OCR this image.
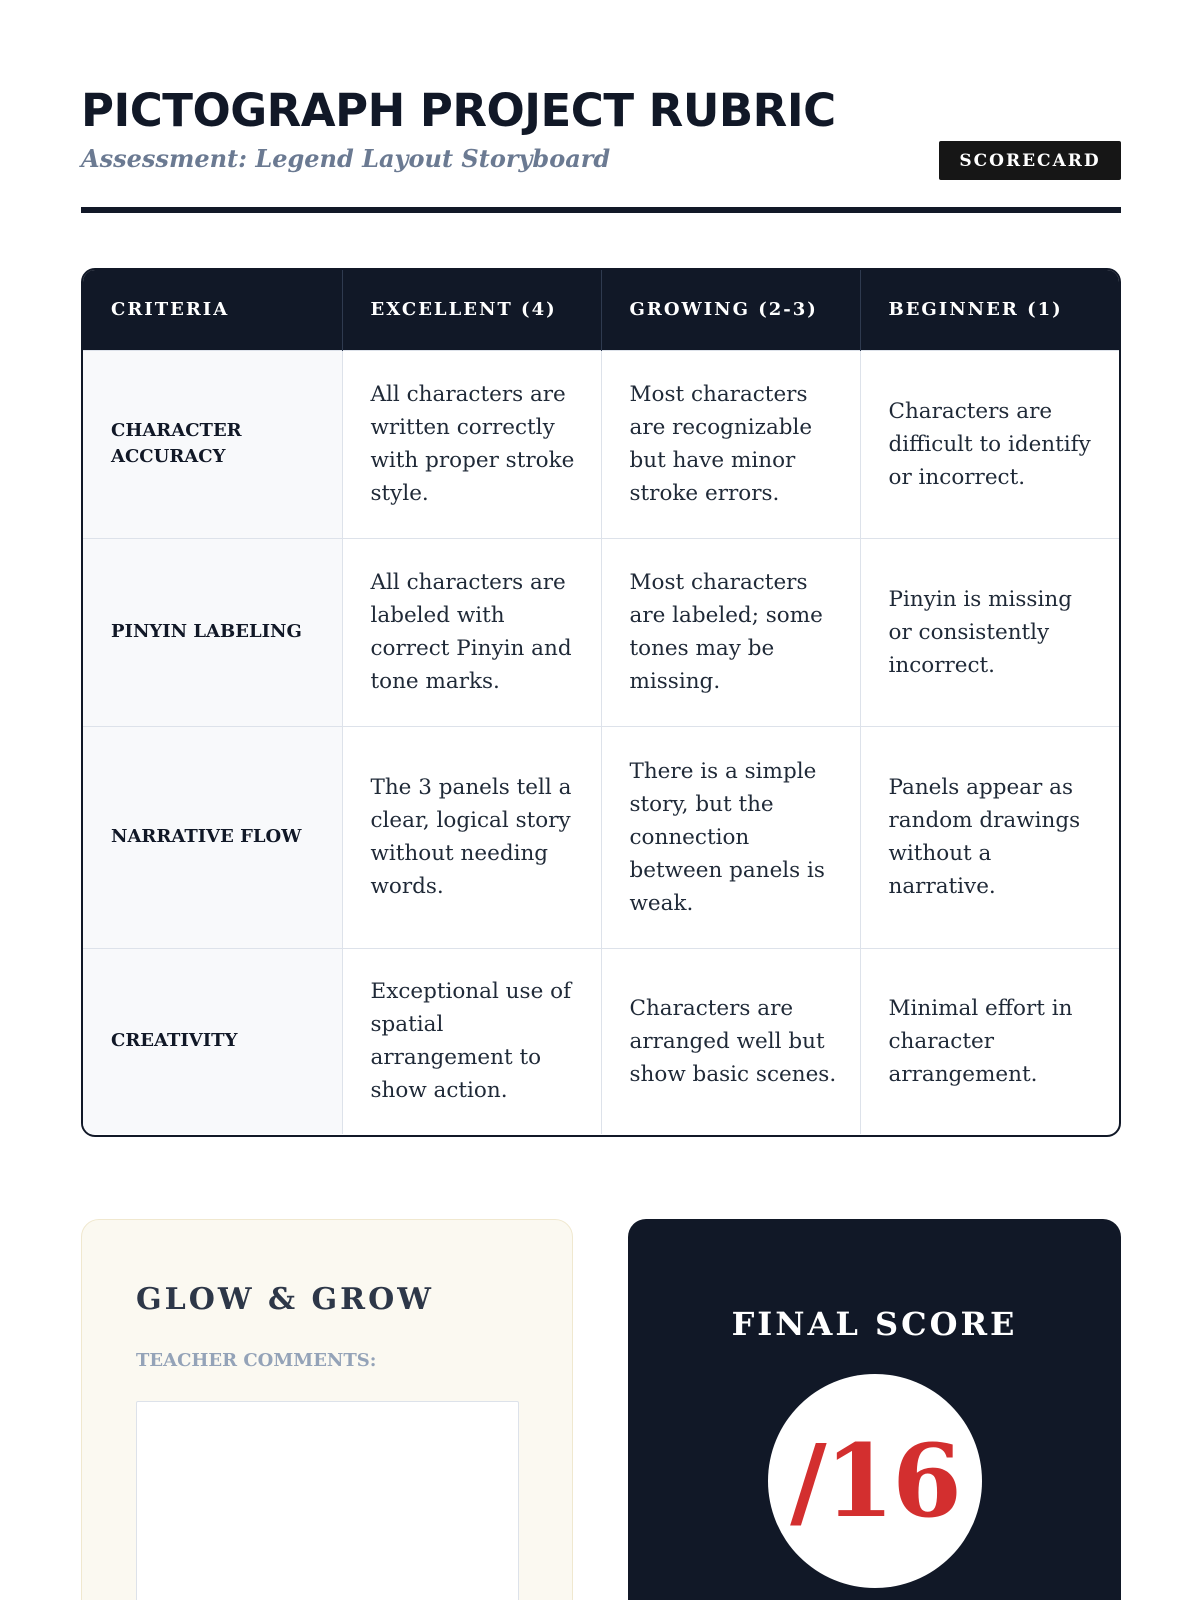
PICTOGRAPH PROJECT RUBRIC
Assessment: Legend Layout Storyboard	SCORECARD
CRITERIA	EXCELLENT (4)	GROWING (2-3)	BEGINNER (1)
CHARACTER ACCURACY	All characters are written correctly with proper stroke style.	Most characters are recognizable but have minor stroke errors.	Characters are difficult to identify or incorrect.
PINYIN LABELING	All characters are labeled with correct Pinyin and tone marks.	Most characters are labeled; some tones may be missing.	Pinyin is missing or consistently incorrect.
NARRATIVE FLOW	The 3 panels tell a clear, logical story without needing words.	There is a simple story, but the connection between panels is weak.	Panels appear as random drawings without a narrative.
CREATIVITY	Exceptional use of spatial arrangement to show action.	Characters are arranged well but show basic scenes.	Minimal effort in character arrangement.
GLOW & GROW
TEACHER COMMENTS:
FINAL SCORE
/16
